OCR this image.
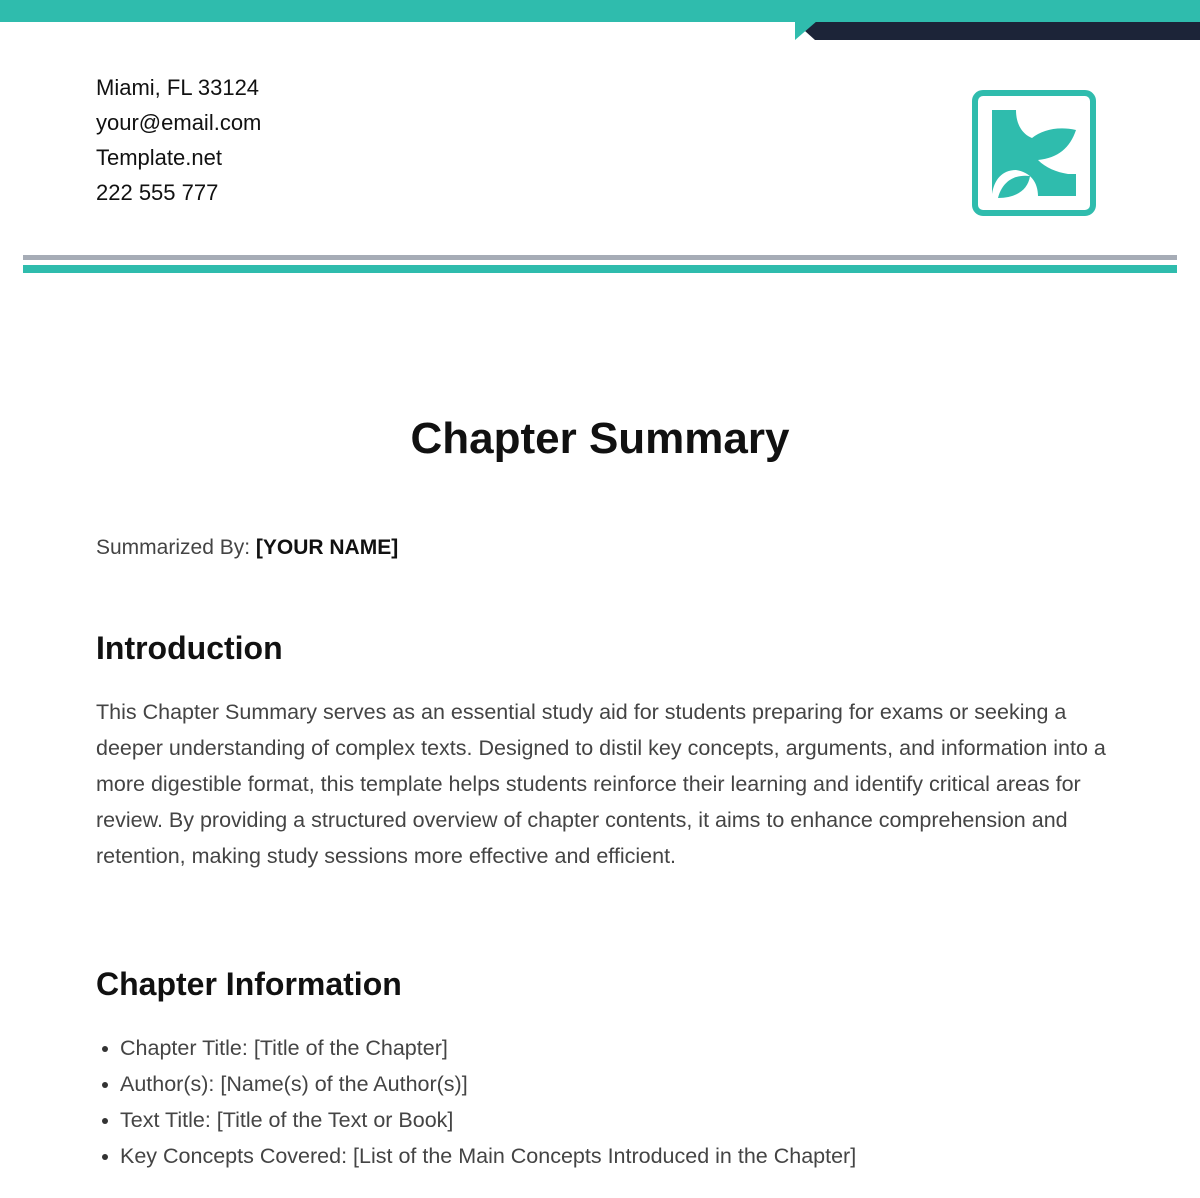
Miami, FL 33124
your@email.com
Template.net
222 555 777
Chapter Summary
Summarized By: [YOUR NAME]
Introduction
This Chapter Summary serves as an essential study aid for students preparing for exams or seeking a deeper understanding of complex texts. Designed to distil key concepts, arguments, and information into a more digestible format, this template helps students reinforce their learning and identify critical areas for review. By providing a structured overview of chapter contents, it aims to enhance comprehension and retention, making study sessions more effective and efficient.
Chapter Information
Chapter Title: [Title of the Chapter]
Author(s): [Name(s) of the Author(s)]
Text Title: [Title of the Text or Book]
Key Concepts Covered: [List of the Main Concepts Introduced in the Chapter]
